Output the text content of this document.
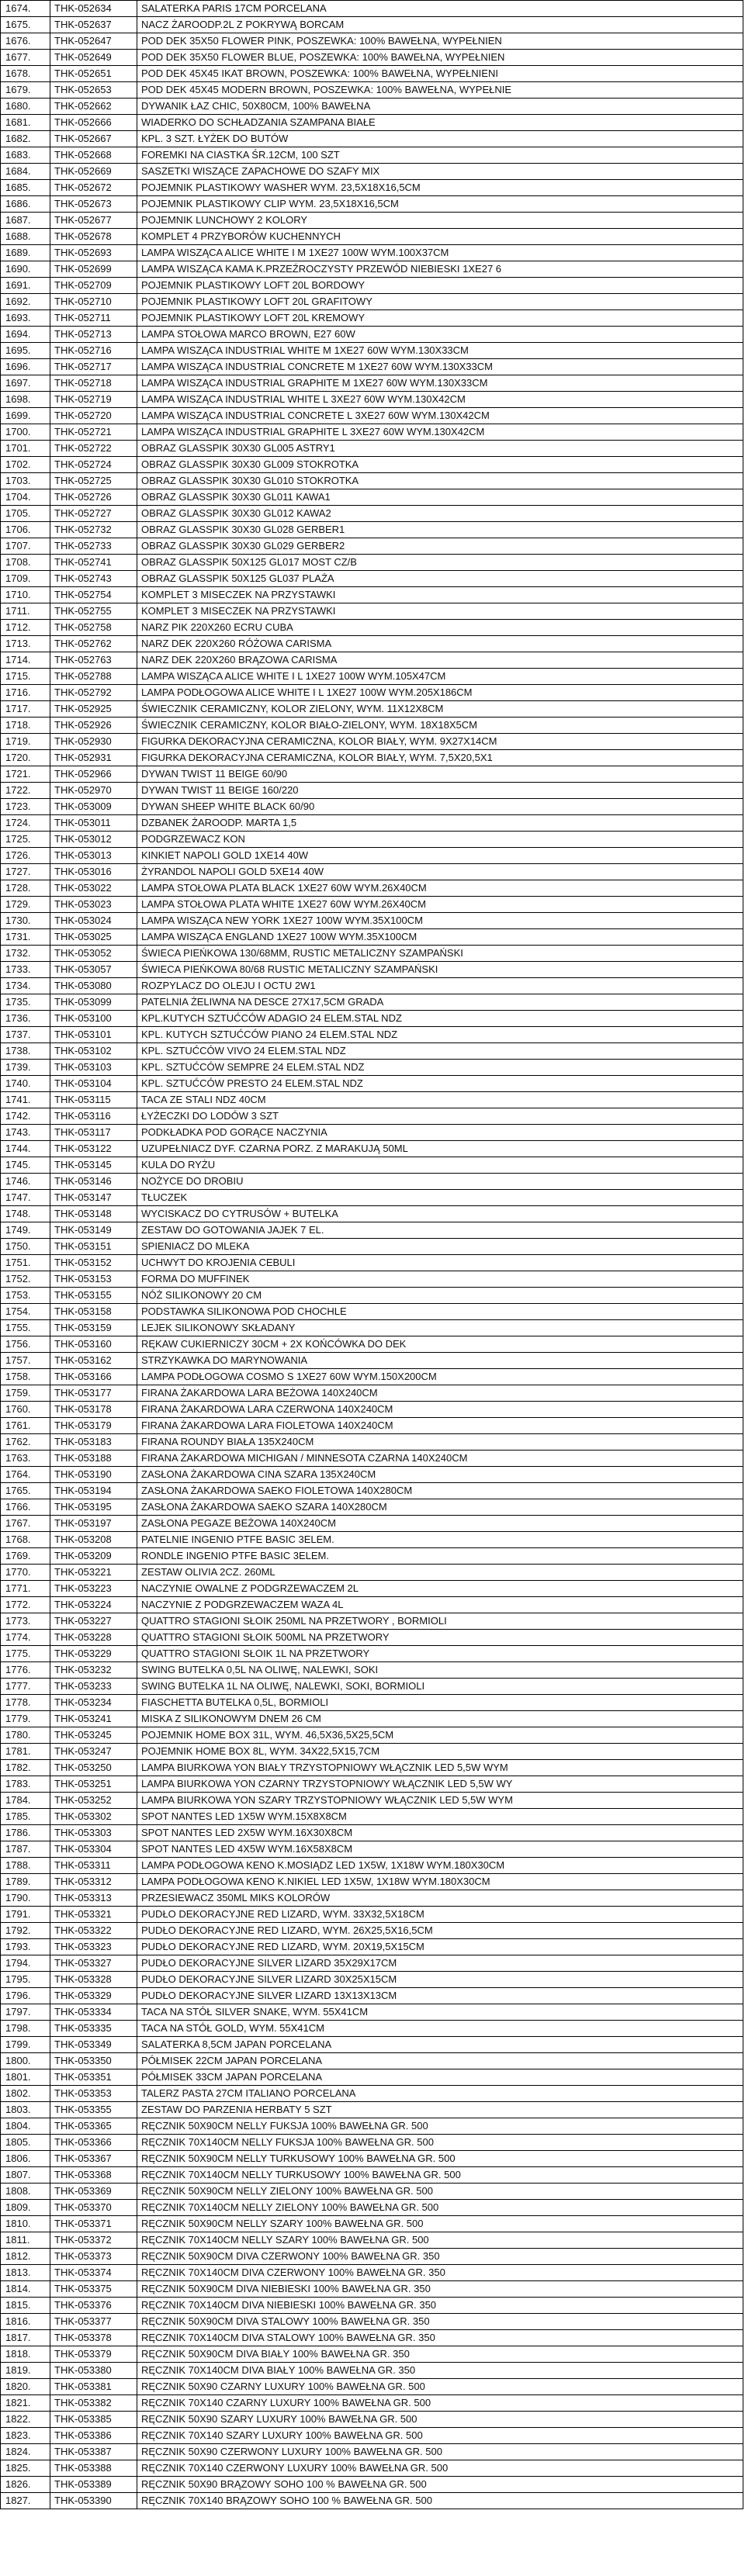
1674.	THK-052634	SALATERKA PARIS 17CM PORCELANA
1675.	THK-052637	NACZ ŻAROODP.2L Z POKRYWĄ BORCAM
1676.	THK-052647	POD DEK 35X50 FLOWER PINK, POSZEWKA: 100% BAWEŁNA, WYPEŁNIEN
1677.	THK-052649	POD DEK 35X50 FLOWER BLUE, POSZEWKA: 100% BAWEŁNA, WYPEŁNIEN
1678.	THK-052651	POD DEK 45X45 IKAT BROWN, POSZEWKA: 100% BAWEŁNA, WYPEŁNIENI
1679.	THK-052653	POD DEK 45X45 MODERN BROWN, POSZEWKA: 100% BAWEŁNA, WYPEŁNIE
1680.	THK-052662	DYWANIK ŁAZ CHIC, 50X80CM, 100% BAWEŁNA
1681.	THK-052666	WIADERKO DO SCHŁADZANIA SZAMPANA BIAŁE
1682.	THK-052667	KPL. 3 SZT. ŁYŻEK DO BUTÓW
1683.	THK-052668	FOREMKI NA CIASTKA ŚR.12CM, 100 SZT
1684.	THK-052669	SASZETKI WISZĄCE ZAPACHOWE DO SZAFY MIX
1685.	THK-052672	POJEMNIK PLASTIKOWY WASHER WYM. 23,5X18X16,5CM
1686.	THK-052673	POJEMNIK PLASTIKOWY CLIP WYM. 23,5X18X16,5CM
1687.	THK-052677	POJEMNIK LUNCHOWY 2 KOLORY
1688.	THK-052678	KOMPLET 4 PRZYBORÓW KUCHENNYCH
1689.	THK-052693	LAMPA WISZĄCA ALICE WHITE I M 1XE27 100W WYM.100X37CM
1690.	THK-052699	LAMPA WISZĄCA KAMA K.PRZEŹROCZYSTY PRZEWÓD NIEBIESKI 1XE27 6
1691.	THK-052709	POJEMNIK PLASTIKOWY LOFT 20L BORDOWY
1692.	THK-052710	POJEMNIK PLASTIKOWY LOFT 20L GRAFITOWY
1693.	THK-052711	POJEMNIK PLASTIKOWY LOFT 20L KREMOWY
1694.	THK-052713	LAMPA STOŁOWA MARCO BROWN, E27 60W
1695.	THK-052716	LAMPA WISZĄCA INDUSTRIAL WHITE M 1XE27 60W WYM.130X33CM
1696.	THK-052717	LAMPA WISZĄCA INDUSTRIAL CONCRETE M 1XE27 60W WYM.130X33CM
1697.	THK-052718	LAMPA WISZĄCA INDUSTRIAL GRAPHITE M 1XE27 60W WYM.130X33CM
1698.	THK-052719	LAMPA WISZĄCA INDUSTRIAL WHITE L 3XE27 60W WYM.130X42CM
1699.	THK-052720	LAMPA WISZĄCA INDUSTRIAL CONCRETE L 3XE27 60W WYM.130X42CM
1700.	THK-052721	LAMPA WISZĄCA INDUSTRIAL GRAPHITE L 3XE27 60W WYM.130X42CM
1701.	THK-052722	OBRAZ GLASSPIK 30X30 GL005 ASTRY1
1702.	THK-052724	OBRAZ GLASSPIK 30X30 GL009 STOKROTKA
1703.	THK-052725	OBRAZ GLASSPIK 30X30 GL010 STOKROTKA
1704.	THK-052726	OBRAZ GLASSPIK 30X30 GL011 KAWA1
1705.	THK-052727	OBRAZ GLASSPIK 30X30 GL012 KAWA2
1706.	THK-052732	OBRAZ GLASSPIK 30X30 GL028 GERBER1
1707.	THK-052733	OBRAZ GLASSPIK 30X30 GL029 GERBER2
1708.	THK-052741	OBRAZ GLASSPIK 50X125 GL017 MOST CZ/B
1709.	THK-052743	OBRAZ GLASSPIK 50X125 GL037 PLAŻA
1710.	THK-052754	KOMPLET 3 MISECZEK NA PRZYSTAWKI
1711.	THK-052755	KOMPLET 3 MISECZEK NA PRZYSTAWKI
1712.	THK-052758	NARZ PIK 220X260 ECRU CUBA
1713.	THK-052762	NARZ DEK 220X260 RÓŻOWA CARISMA
1714.	THK-052763	NARZ DEK 220X260 BRĄZOWA CARISMA
1715.	THK-052788	LAMPA WISZĄCA ALICE WHITE I L 1XE27 100W WYM.105X47CM
1716.	THK-052792	LAMPA PODŁOGOWA ALICE WHITE I L 1XE27 100W WYM.205X186CM
1717.	THK-052925	ŚWIECZNIK CERAMICZNY, KOLOR ZIELONY, WYM. 11X12X8CM
1718.	THK-052926	ŚWIECZNIK CERAMICZNY, KOLOR BIAŁO-ZIELONY, WYM. 18X18X5CM
1719.	THK-052930	FIGURKA DEKORACYJNA CERAMICZNA, KOLOR BIAŁY, WYM. 9X27X14CM
1720.	THK-052931	FIGURKA DEKORACYJNA CERAMICZNA, KOLOR BIAŁY, WYM. 7,5X20,5X1
1721.	THK-052966	DYWAN TWIST 11 BEIGE 60/90
1722.	THK-052970	DYWAN TWIST 11 BEIGE 160/220
1723.	THK-053009	DYWAN SHEEP WHITE BLACK 60/90
1724.	THK-053011	DZBANEK ŻAROODP. MARTA 1,5
1725.	THK-053012	PODGRZEWACZ KON
1726.	THK-053013	KINKIET NAPOLI GOLD 1XE14 40W
1727.	THK-053016	ŻYRANDOL NAPOLI GOLD 5XE14 40W
1728.	THK-053022	LAMPA STOŁOWA PLATA BLACK 1XE27 60W WYM.26X40CM
1729.	THK-053023	LAMPA STOŁOWA PLATA WHITE 1XE27 60W WYM.26X40CM
1730.	THK-053024	LAMPA WISZĄCA NEW YORK 1XE27 100W WYM.35X100CM
1731.	THK-053025	LAMPA WISZĄCA ENGLAND 1XE27 100W WYM.35X100CM
1732.	THK-053052	ŚWIECA PIEŃKOWA 130/68MM, RUSTIC METALICZNY SZAMPAŃSKI
1733.	THK-053057	ŚWIECA PIEŃKOWA 80/68 RUSTIC METALICZNY SZAMPAŃSKI
1734.	THK-053080	ROZPYLACZ DO OLEJU I OCTU 2W1
1735.	THK-053099	PATELNIA ŻELIWNA NA DESCE 27X17,5CM GRADA
1736.	THK-053100	KPL.KUTYCH SZTUĆCÓW ADAGIO 24 ELEM.STAL NDZ
1737.	THK-053101	KPL. KUTYCH SZTUĆCÓW PIANO 24 ELEM.STAL NDZ
1738.	THK-053102	KPL. SZTUĆCÓW VIVO 24 ELEM.STAL NDZ
1739.	THK-053103	KPL. SZTUĆCÓW SEMPRE 24 ELEM.STAL NDZ
1740.	THK-053104	KPL. SZTUĆCÓW PRESTO 24 ELEM.STAL NDZ
1741.	THK-053115	TACA ZE STALI NDZ 40CM
1742.	THK-053116	ŁYŻECZKI DO LODÓW 3 SZT
1743.	THK-053117	PODKŁADKA POD GORĄCE NACZYNIA
1744.	THK-053122	UZUPEŁNIACZ DYF. CZARNA PORZ. Z MARAKUJĄ 50ML
1745.	THK-053145	KULA DO RYŻU
1746.	THK-053146	NOŻYCE DO DROBIU
1747.	THK-053147	TŁUCZEK
1748.	THK-053148	WYCISKACZ DO CYTRUSÓW + BUTELKA
1749.	THK-053149	ZESTAW DO GOTOWANIA JAJEK 7 EL.
1750.	THK-053151	SPIENIACZ DO MLEKA
1751.	THK-053152	UCHWYT DO KROJENIA CEBULI
1752.	THK-053153	FORMA DO MUFFINEK
1753.	THK-053155	NÓŻ SILIKONOWY 20 CM
1754.	THK-053158	PODSTAWKA SILIKONOWA POD CHOCHLE
1755.	THK-053159	LEJEK SILIKONOWY SKŁADANY
1756.	THK-053160	RĘKAW CUKIERNICZY 30CM + 2X KOŃCÓWKA DO DEK
1757.	THK-053162	STRZYKAWKA DO MARYNOWANIA
1758.	THK-053166	LAMPA PODŁOGOWA COSMO S 1XE27 60W WYM.150X200CM
1759.	THK-053177	FIRANA ŻAKARDOWA LARA BEŻOWA 140X240CM
1760.	THK-053178	FIRANA ŻAKARDOWA LARA CZERWONA 140X240CM
1761.	THK-053179	FIRANA ŻAKARDOWA LARA FIOLETOWA 140X240CM
1762.	THK-053183	FIRANA ROUNDY BIAŁA 135X240CM
1763.	THK-053188	FIRANA ŻAKARDOWA MICHIGAN / MINNESOTA CZARNA 140X240CM
1764.	THK-053190	ZASŁONA ŻAKARDOWA CINA SZARA 135X240CM
1765.	THK-053194	ZASŁONA ŻAKARDOWA SAEKO FIOLETOWA 140X280CM
1766.	THK-053195	ZASŁONA ŻAKARDOWA SAEKO SZARA 140X280CM
1767.	THK-053197	ZASŁONA PEGAZE BEŻOWA 140X240CM
1768.	THK-053208	PATELNIE INGENIO PTFE BASIC 3ELEM.
1769.	THK-053209	RONDLE INGENIO PTFE BASIC 3ELEM.
1770.	THK-053221	ZESTAW OLIVIA 2CZ. 260ML
1771.	THK-053223	NACZYNIE OWALNE Z PODGRZEWACZEM 2L
1772.	THK-053224	NACZYNIE Z PODGRZEWACZEM WAZA 4L
1773.	THK-053227	QUATTRO STAGIONI SŁOIK 250ML NA PRZETWORY , BORMIOLI
1774.	THK-053228	QUATTRO STAGIONI SŁOIK 500ML NA PRZETWORY
1775.	THK-053229	QUATTRO STAGIONI SŁOIK 1L NA PRZETWORY
1776.	THK-053232	SWING BUTELKA 0,5L NA OLIWĘ, NALEWKI, SOKI
1777.	THK-053233	SWING BUTELKA 1L NA OLIWĘ, NALEWKI, SOKI, BORMIOLI
1778.	THK-053234	FIASCHETTA BUTELKA 0,5L, BORMIOLI
1779.	THK-053241	MISKA Z SILIKONOWYM DNEM 26 CM
1780.	THK-053245	POJEMNIK HOME BOX 31L, WYM. 46,5X36,5X25,5CM
1781.	THK-053247	POJEMNIK HOME BOX 8L, WYM. 34X22,5X15,7CM
1782.	THK-053250	LAMPA BIURKOWA YON BIAŁY TRZYSTOPNIOWY WŁĄCZNIK LED 5,5W WYM
1783.	THK-053251	LAMPA BIURKOWA YON CZARNY TRZYSTOPNIOWY WŁĄCZNIK LED 5,5W WY
1784.	THK-053252	LAMPA BIURKOWA YON SZARY TRZYSTOPNIOWY WŁĄCZNIK LED 5,5W WYM
1785.	THK-053302	SPOT NANTES LED 1X5W WYM.15X8X8CM
1786.	THK-053303	SPOT NANTES LED 2X5W WYM.16X30X8CM
1787.	THK-053304	SPOT NANTES LED 4X5W WYM.16X58X8CM
1788.	THK-053311	LAMPA PODŁOGOWA KENO K.MOSIĄDZ LED 1X5W, 1X18W WYM.180X30CM
1789.	THK-053312	LAMPA PODŁOGOWA KENO K.NIKIEL LED 1X5W, 1X18W WYM.180X30CM
1790.	THK-053313	PRZESIEWACZ 350ML MIKS KOLORÓW
1791.	THK-053321	PUDŁO DEKORACYJNE RED LIZARD, WYM. 33X32,5X18CM
1792.	THK-053322	PUDŁO DEKORACYJNE RED LIZARD, WYM. 26X25,5X16,5CM
1793.	THK-053323	PUDŁO DEKORACYJNE RED LIZARD, WYM. 20X19,5X15CM
1794.	THK-053327	PUDŁO DEKORACYJNE SILVER LIZARD 35X29X17CM
1795.	THK-053328	PUDŁO DEKORACYJNE SILVER LIZARD 30X25X15CM
1796.	THK-053329	PUDŁO DEKORACYJNE SILVER LIZARD 13X13X13CM
1797.	THK-053334	TACA NA STÓŁ SILVER SNAKE, WYM. 55X41CM
1798.	THK-053335	TACA NA STÓŁ GOLD, WYM. 55X41CM
1799.	THK-053349	SALATERKA 8,5CM JAPAN PORCELANA
1800.	THK-053350	PÓŁMISEK 22CM JAPAN PORCELANA
1801.	THK-053351	PÓŁMISEK 33CM JAPAN PORCELANA
1802.	THK-053353	TALERZ PASTA 27CM ITALIANO PORCELANA
1803.	THK-053355	ZESTAW DO PARZENIA HERBATY 5 SZT
1804.	THK-053365	RĘCZNIK 50X90CM NELLY FUKSJA 100% BAWEŁNA GR. 500
1805.	THK-053366	RĘCZNIK 70X140CM NELLY FUKSJA 100% BAWEŁNA GR. 500
1806.	THK-053367	RĘCZNIK 50X90CM NELLY TURKUSOWY 100% BAWEŁNA GR. 500
1807.	THK-053368	RĘCZNIK 70X140CM NELLY TURKUSOWY 100% BAWEŁNA GR. 500
1808.	THK-053369	RĘCZNIK 50X90CM NELLY ZIELONY 100% BAWEŁNA GR. 500
1809.	THK-053370	RĘCZNIK 70X140CM NELLY ZIELONY 100% BAWEŁNA GR. 500
1810.	THK-053371	RĘCZNIK 50X90CM NELLY SZARY 100% BAWEŁNA GR. 500
1811.	THK-053372	RĘCZNIK 70X140CM NELLY SZARY 100% BAWEŁNA GR. 500
1812.	THK-053373	RĘCZNIK 50X90CM DIVA CZERWONY 100% BAWEŁNA GR. 350
1813.	THK-053374	RĘCZNIK 70X140CM DIVA CZERWONY 100% BAWEŁNA GR. 350
1814.	THK-053375	RĘCZNIK 50X90CM DIVA NIEBIESKI 100% BAWEŁNA GR. 350
1815.	THK-053376	RĘCZNIK 70X140CM DIVA NIEBIESKI 100% BAWEŁNA GR. 350
1816.	THK-053377	RĘCZNIK 50X90CM DIVA STALOWY 100% BAWEŁNA GR. 350
1817.	THK-053378	RĘCZNIK 70X140CM DIVA STALOWY 100% BAWEŁNA GR. 350
1818.	THK-053379	RĘCZNIK 50X90CM DIVA BIAŁY 100% BAWEŁNA GR. 350
1819.	THK-053380	RĘCZNIK 70X140CM DIVA BIAŁY 100% BAWEŁNA GR. 350
1820.	THK-053381	RĘCZNIK 50X90 CZARNY LUXURY 100% BAWEŁNA GR. 500
1821.	THK-053382	RĘCZNIK 70X140 CZARNY LUXURY 100% BAWEŁNA GR. 500
1822.	THK-053385	RĘCZNIK 50X90 SZARY LUXURY 100% BAWEŁNA GR. 500
1823.	THK-053386	RĘCZNIK 70X140 SZARY LUXURY 100% BAWEŁNA GR. 500
1824.	THK-053387	RĘCZNIK 50X90 CZERWONY LUXURY 100% BAWEŁNA GR. 500
1825.	THK-053388	RĘCZNIK 70X140 CZERWONY LUXURY 100% BAWEŁNA GR. 500
1826.	THK-053389	RĘCZNIK 50X90 BRĄZOWY SOHO 100 % BAWEŁNA GR. 500
1827.	THK-053390	RĘCZNIK 70X140 BRĄZOWY SOHO 100 % BAWEŁNA GR. 500
